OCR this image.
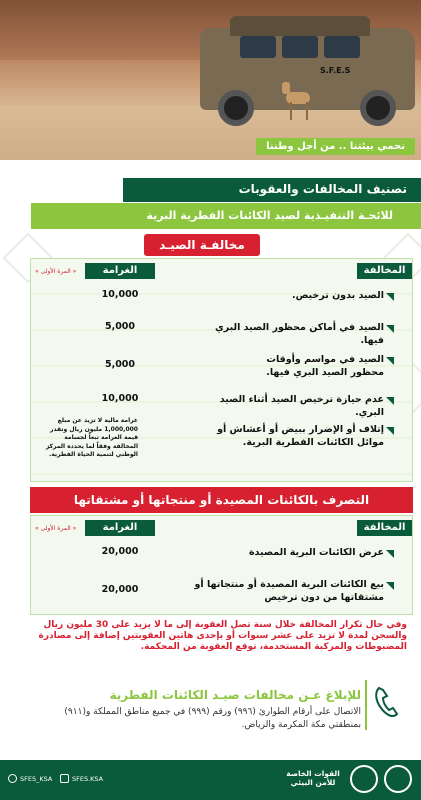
S.F.E.S
نحمي بيئتنا .. من أجل وطننا
تصنيف المخالفات والعقوبات
للائحـة التنفيـذية لصيد الكائنات الفطرية البرية
مخالفـة الصيـد
المخالفة
الغرامة
« المرة الأولى »
الصيد بدون ترخيص.
10,000
الصيد في أماكن محظور الصيد البري فيها.
5,000
الصيد في مواسم وأوقات محظور الصيد البري فيها.
5,000
عدم حيازة ترخيص الصيد أثناء الصيد البري.
10,000
إتلاف أو الإضرار ببيض أو أعشاش أو موائل الكائنات الفطرية البرية.
غرامة مالية لا تزيد عن مبلغ 1,000,000 مليون ريال وتقدر قيمة الغرامة تبعاً لجسامة المخالفة وفقاً لما يحدده المركز الوطني لتنمية الحياة الفطرية.
التصرف بالكائنات المصيدة أو منتجاتها أو مشتقاتها
المخالفة
الغرامة
« المرة الأولى »
عرض الكائنات البرية المصيدة
20,000
بيع الكائنات البرية المصيدة أو منتجاتها أو مشتقاتها من دون ترخيص
20,000
وفي حال تكرار المخالفة خلال سنة تصل العقوبة إلى ما لا يزيد على 30 مليون ريال والسجن لمدة لا تزيد على عشر سنوات أو بإحدى هاتين العقوبتين إضافة إلى مصادرة المضبوطات والمركبة المستخدمة، توقع العقوبة من المحكمة.
للإبلاغ عـن مخالفات صيـد الكائنات الفطرية
الاتصال على أرقام الطوارئ (٩٩٦) ورقم (٩٩٩) في جميع مناطق المملكة و(٩١١) بمنطقتي مكة المكرمة والرياض.
SFES_KSA	SFES.KSA
القوات الخاصة للأمن البيئي
